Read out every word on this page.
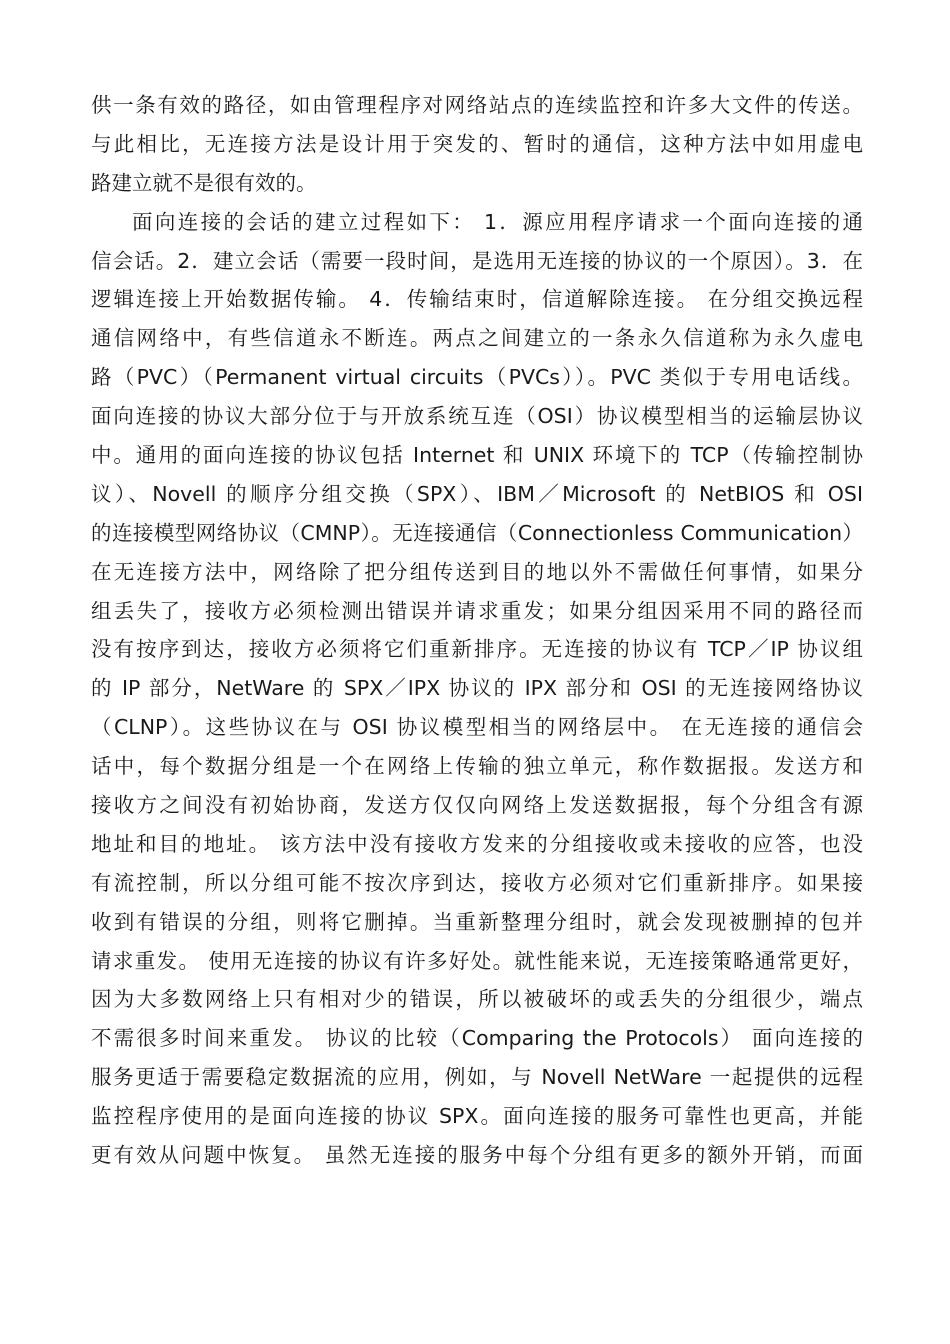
供一条有效的路径，如由管理程序对网络站点的连续监控和许多大文件的传送。
与此相比，无连接方法是设计用于突发的、暂时的通信，这种方法中如用虚电
路建立就不是很有效的。
面向连接的会话的建立过程如下： 1．源应用程序请求一个面向连接的通
信会话。2．建立会话（需要一段时间，是选用无连接的协议的一个原因）。3．在
逻辑连接上开始数据传输。 4．传输结束时，信道解除连接。 在分组交换远程
通信网络中，有些信道永不断连。两点之间建立的一条永久信道称为永久虚电
路（PVC）（Permanent virtual circuits（PVCs））。PVC 类似于专用电话线。
面向连接的协议大部分位于与开放系统互连（OSI）协议模型相当的运输层协议
中。通用的面向连接的协议包括 Internet 和 UNIX 环境下的 TCP（传输控制协
议）、Novell 的顺序分组交换（SPX）、IBM／Microsoft 的 NetBIOS 和 OSI
的连接模型网络协议（CMNP）。无连接通信（Connectionless Communication）
在无连接方法中，网络除了把分组传送到目的地以外不需做任何事情，如果分
组丢失了，接收方必须检测出错误并请求重发；如果分组因采用不同的路径而
没有按序到达，接收方必须将它们重新排序。无连接的协议有 TCP／IP 协议组
的 IP 部分，NetWare 的 SPX／IPX 协议的 IPX 部分和 OSI 的无连接网络协议
（CLNP）。这些协议在与 OSI 协议模型相当的网络层中。 在无连接的通信会
话中，每个数据分组是一个在网络上传输的独立单元，称作数据报。发送方和
接收方之间没有初始协商，发送方仅仅向网络上发送数据报，每个分组含有源
地址和目的地址。 该方法中没有接收方发来的分组接收或未接收的应答，也没
有流控制，所以分组可能不按次序到达，接收方必须对它们重新排序。如果接
收到有错误的分组，则将它删掉。当重新整理分组时，就会发现被删掉的包并
请求重发。 使用无连接的协议有许多好处。就性能来说，无连接策略通常更好，
因为大多数网络上只有相对少的错误，所以被破坏的或丢失的分组很少，端点
不需很多时间来重发。 协议的比较（Comparing the Protocols） 面向连接的
服务更适于需要稳定数据流的应用，例如，与 Novell NetWare 一起提供的远程
监控程序使用的是面向连接的协议 SPX。面向连接的服务可靠性也更高，并能
更有效从问题中恢复。 虽然无连接的服务中每个分组有更多的额外开销，而面
